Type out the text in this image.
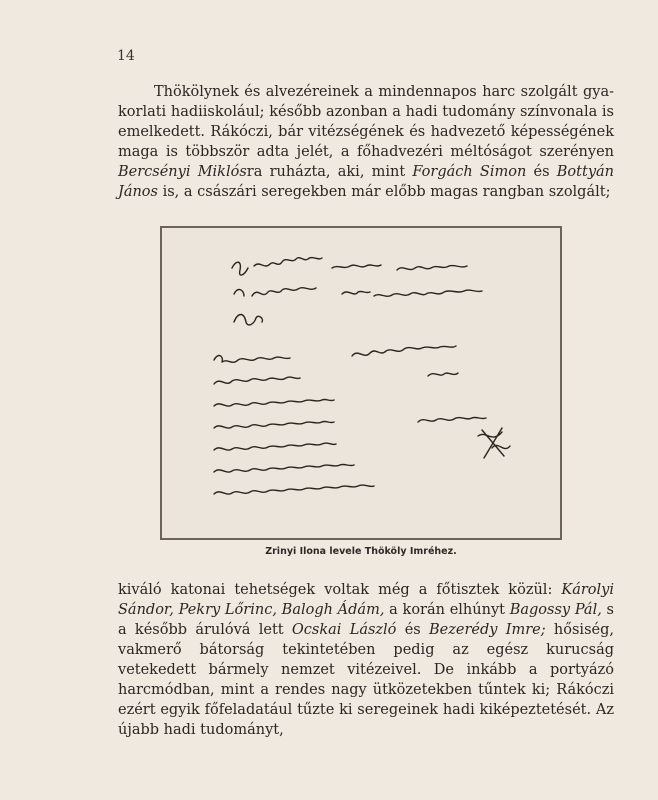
14

Thökölynek és alvezéreinek a mindennapos harc szolgált gyakorlati hadiiskolául; később azonban a hadi tudomány színvonala is emelkedett. Rákóczi, bár vitézségének és hadvezető képességének maga is többször adta jelét, a főhadvezéri méltóságot szerényen Bercsényi Miklósra ruházta, aki, mint Forgách Simon és Bottyán János is, a császári seregekben már előbb magas rangban szolgált;

Zrinyi Ilona levele Thököly Imréhez.

kiváló katonai tehetségek voltak még a főtisztek közül: Károlyi Sándor, Pekry Lőrinc, Balogh Ádám, a korán elhúnyt Bagossy Pál, s a később árulóvá lett Ocskai László és Bezerédy Imre; hősiség, vakmerő bátorság tekintetében pedig az egész kurucság vetekedett bármely nemzet vitézeivel. De inkább a portyázó harcmódban, mint a rendes nagy ütközetekben tűntek ki; Rákóczi ezért egyik főfeladatául tűzte ki seregeinek hadi kiképeztetését. Az újabb hadi tudományt,
